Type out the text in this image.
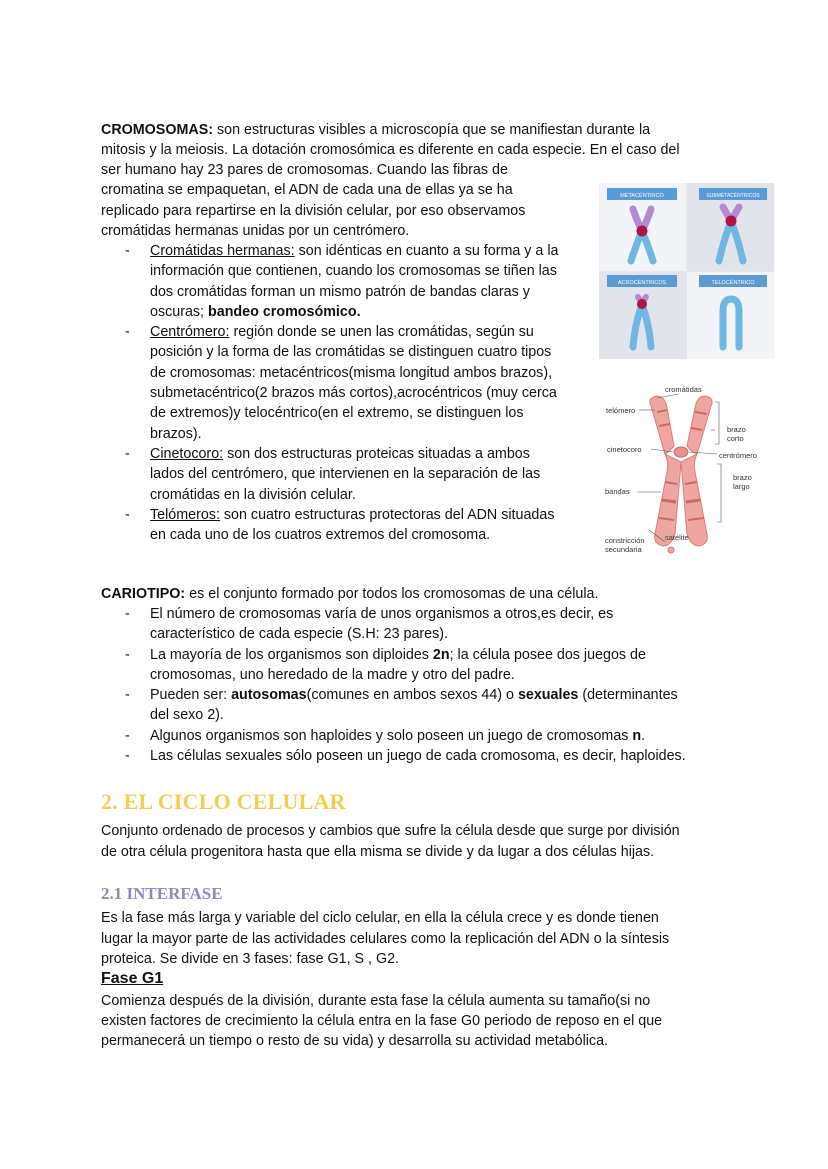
CROMOSOMAS: son estructuras visibles a microscopía que se manifiestan durante la

mitosis y la meiosis. La dotación cromosómica es diferente en cada especie. En el caso del

ser humano hay 23 pares de cromosomas. Cuando las fibras de

cromatina se empaquetan, el ADN de cada una de ellas ya se ha

replicado para repartirse en la división celular, por eso observamos

cromátidas hermanas unidas por un centrómero.

- Cromátidas hermanas: son idénticas en cuanto a su forma y a la
información que contienen, cuando los cromosomas se tiñen las
dos cromátidas forman un mismo patrón de bandas claras y
oscuras; bandeo cromosómico.
- Centrómero: región donde se unen las cromátidas, según su
posición y la forma de las cromátidas se distinguen cuatro tipos
de cromosomas: metacéntricos(misma longitud ambos brazos),
submetacéntrico(2 brazos más cortos),acrocéntricos (muy cerca
de extremos)y telocéntrico(en el extremo, se distinguen los
brazos).
- Cinetocoro: son dos estructuras proteicas situadas a ambos
lados del centrómero, que intervienen en la separación de las
cromátidas en la división celular.
- Telómeros: son cuatro estructuras protectoras del ADN situadas
en cada uno de los cuatros extremos del cromosoma.
METACÉNTRICO	SUBMETACÉNTRICOS
ACROCÉNTRICOS	TELOCÉNTRICO
cromátidas
telómero
brazo
corto
cinetocoro
centrómero
brazo
largo
bandas
satélite
constricción
secundaria

CARIOTIPO: es el conjunto formado por todos los cromosomas de una célula.

- El número de cromosomas varía de unos organismos a otros,es decir, es
característico de cada especie (S.H: 23 pares).
- La mayoría de los organismos son diploides 2n; la célula posee dos juegos de
cromosomas, uno heredado de la madre y otro del padre.
- Pueden ser: autosomas(comunes en ambos sexos 44) o sexuales (determinantes
del sexo 2).
- Algunos organismos son haploides y solo poseen un juego de cromosomas n.
- Las células sexuales sólo poseen un juego de cada cromosoma, es decir, haploides.
2. EL CICLO CELULAR

Conjunto ordenado de procesos y cambios que sufre la célula desde que surge por división

de otra célula progenitora hasta que ella misma se divide y da lugar a dos células hijas.

2.1 INTERFASE

Es la fase más larga y variable del ciclo celular, en ella la célula crece y es donde tienen

lugar la mayor parte de las actividades celulares como la replicación del ADN o la síntesis

proteica. Se divide en 3 fases: fase G1, S , G2.

Fase G1

Comienza después de la división, durante esta fase la célula aumenta su tamaño(si no

existen factores de crecimiento la célula entra en la fase G0 periodo de reposo en el que

permanecerá un tiempo o resto de su vida) y desarrolla su actividad metabólica.
